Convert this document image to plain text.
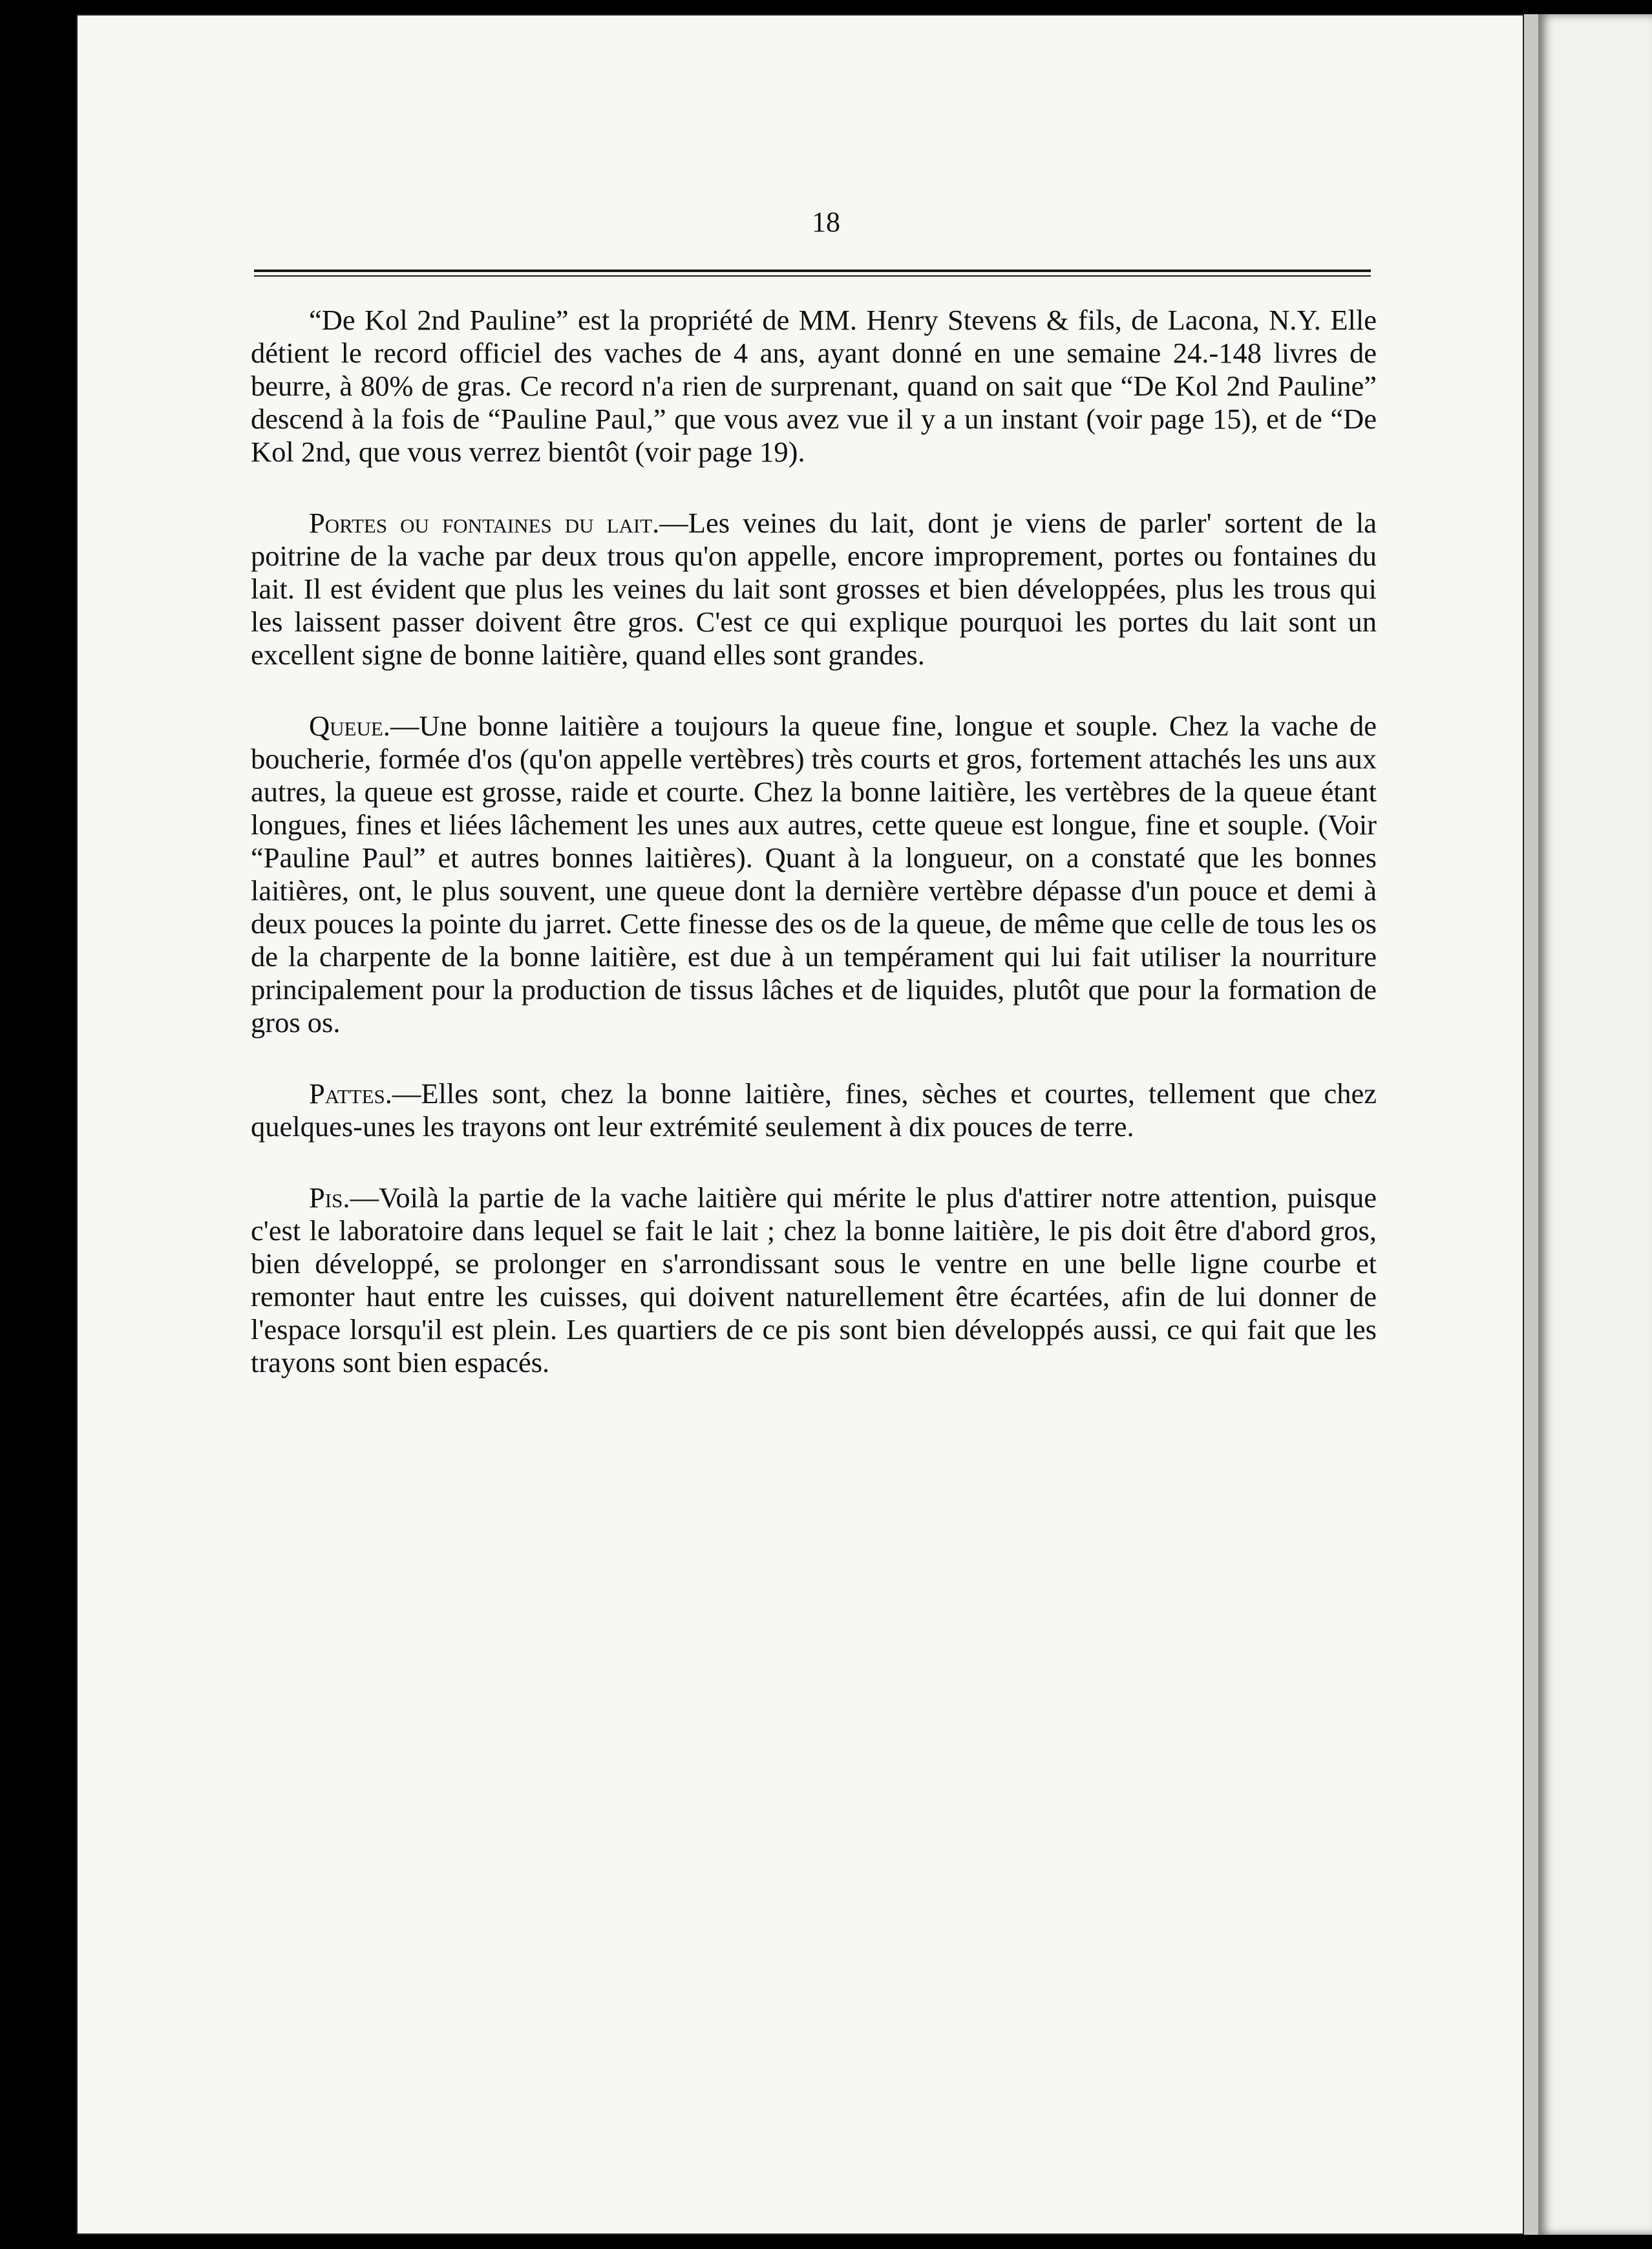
18

“De Kol 2nd Pauline” est la propriété de MM. Henry Stevens & fils, de Lacona, N.Y. Elle détient le record officiel des vaches de 4 ans, ayant donné en une semaine 24.-148 livres de beurre, à 80% de gras. Ce record n'a rien de surprenant, quand on sait que “De Kol 2nd Pauline” descend à la fois de “Pauline Paul,” que vous avez vue il y a un instant (voir page 15), et de “De Kol 2nd, que vous verrez bientôt (voir page 19).

Portes ou fontaines du lait.—Les veines du lait, dont je viens de parler' sortent de la poitrine de la vache par deux trous qu'on appelle, encore improprement, portes ou fontaines du lait. Il est évident que plus les veines du lait sont grosses et bien développées, plus les trous qui les laissent passer doivent être gros. C'est ce qui explique pourquoi les portes du lait sont un excellent signe de bonne laitière, quand elles sont grandes.

Queue.—Une bonne laitière a toujours la queue fine, longue et souple. Chez la vache de boucherie, formée d'os (qu'on appelle vertèbres) très courts et gros, fortement attachés les uns aux autres, la queue est grosse, raide et courte. Chez la bonne laitière, les vertèbres de la queue étant longues, fines et liées lâchement les unes aux autres, cette queue est longue, fine et souple. (Voir “Pauline Paul” et autres bonnes laitières). Quant à la longueur, on a constaté que les bonnes laitières, ont, le plus souvent, une queue dont la dernière vertèbre dépasse d'un pouce et demi à deux pouces la pointe du jarret. Cette finesse des os de la queue, de même que celle de tous les os de la charpente de la bonne laitière, est due à un tempérament qui lui fait utiliser la nourriture principalement pour la production de tissus lâches et de liquides, plutôt que pour la formation de gros os.

Pattes.—Elles sont, chez la bonne laitière, fines, sèches et courtes, tellement que chez quelques-unes les trayons ont leur extrémité seulement à dix pouces de terre.

Pis.—Voilà la partie de la vache laitière qui mérite le plus d'attirer notre attention, puisque c'est le laboratoire dans lequel se fait le lait ; chez la bonne laitière, le pis doit être d'abord gros, bien développé, se prolonger en s'arrondissant sous le ventre en une belle ligne courbe et remonter haut entre les cuisses, qui doivent naturellement être écartées, afin de lui donner de l'espace lorsqu'il est plein. Les quartiers de ce pis sont bien développés aussi, ce qui fait que les trayons sont bien espacés.
